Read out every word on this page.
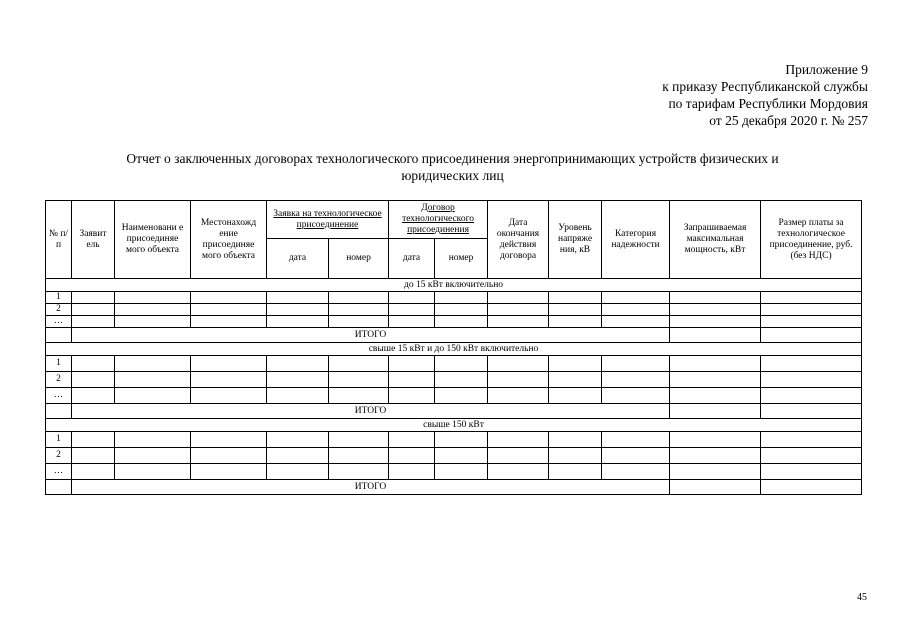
Приложение 9
к приказу Республиканской службы
по тарифам Республики Мордовия
от 25 декабря 2020 г. № 257
Отчет о заключенных договорах технологического присоединения энергопринимающих устройств физических и
юридических лиц
№ п/п	Заявит ель	Наименовани е присоединяе мого объекта	Местонахожд ение присоединяе мого объекта	Заявка на технологическое присоединение		Договор технологического присоединения		Дата окончания действия договора	Уровень напряже ния, кВ	Категория надежности	Запрашиваемая максимальная мощность, кВт	Размер платы за технологическое присоединение, руб. (без НДС)
				дата	номер	дата	номер					
до 15 кВт включительно												
1												
2												
…												
	ИТОГО											
свыше 15 кВт и до 150 кВт включительно												
1												
2												
…												
	ИТОГО											
свыше 150 кВт												
1												
2												
…												
	ИТОГО											
45
